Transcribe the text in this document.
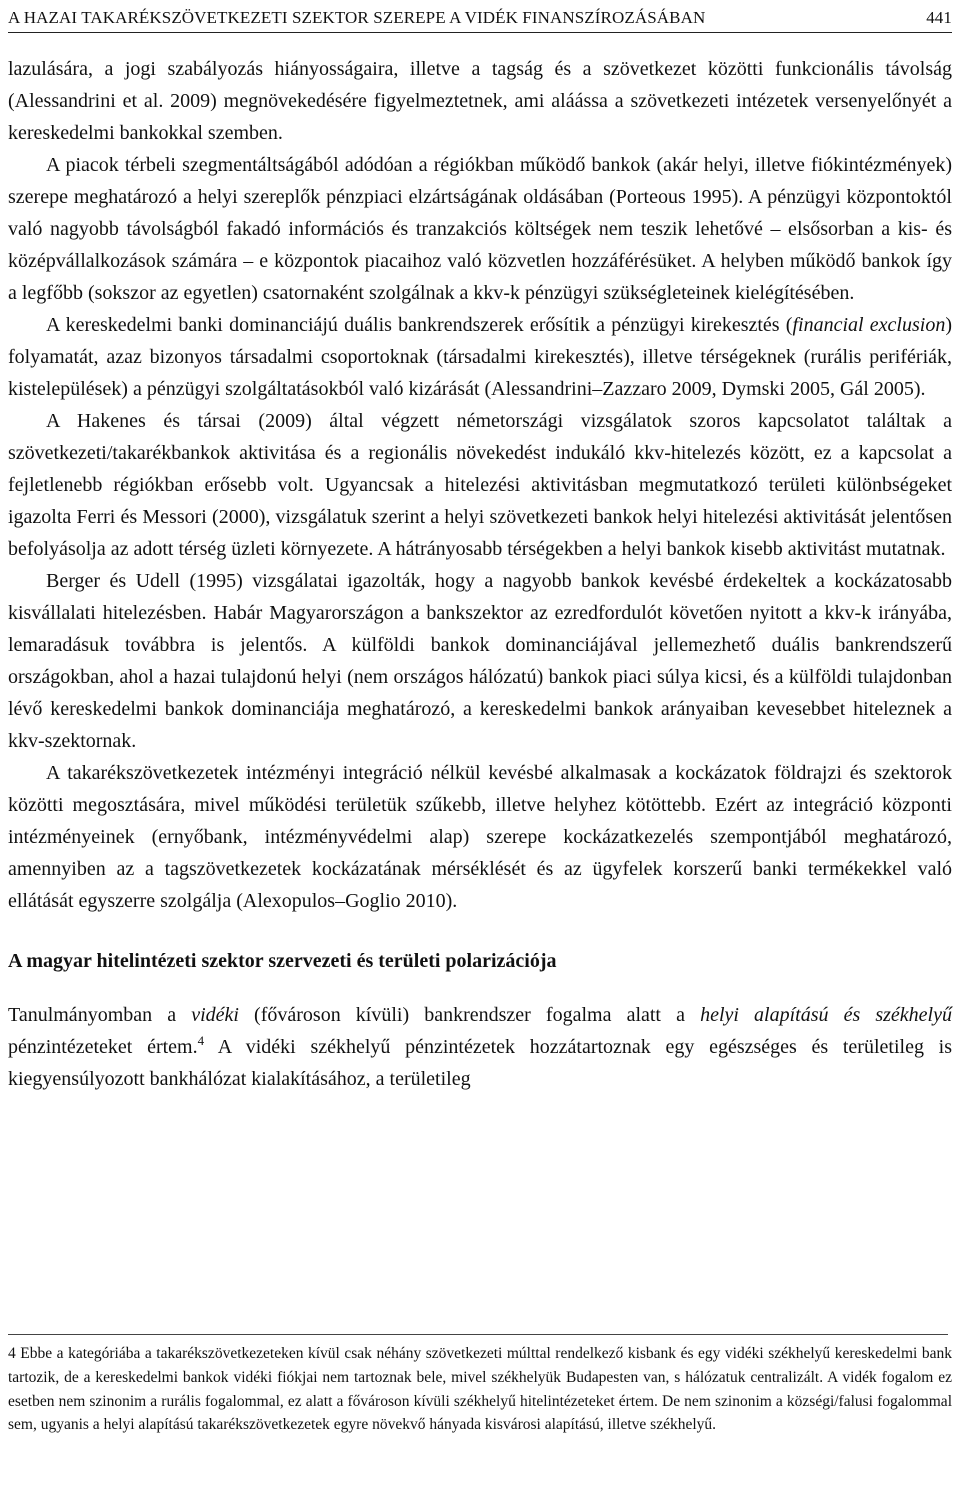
A HAZAI TAKARÉKSZÖVETKEZETI SZEKTOR SZEREPE A VIDÉK FINANSZÍROZÁSÁBAN	441

lazulására, a jogi szabályozás hiányosságaira, illetve a tagság és a szövetkezet közötti funkcionális távolság (Alessandrini et al. 2009) megnövekedésére figyelmeztetnek, ami aláássa a szövetkezeti intézetek versenyelőnyét a kereskedelmi bankokkal szemben.

A piacok térbeli szegmentáltságából adódóan a régiókban működő bankok (akár helyi, illetve fiókintézmények) szerepe meghatározó a helyi szereplők pénzpiaci elzártságának oldásában (Porteous 1995). A pénzügyi központoktól való nagyobb távolságból fakadó információs és tranzakciós költségek nem teszik lehetővé – elsősorban a kis- és középvállalkozások számára – e központok piacaihoz való közvetlen hozzáférésüket. A helyben működő bankok így a legfőbb (sokszor az egyetlen) csatornaként szolgálnak a kkv-k pénzügyi szükségleteinek kielégítésében.

A kereskedelmi banki dominanciájú duális bankrendszerek erősítik a pénzügyi kirekesztés (financial exclusion) folyamatát, azaz bizonyos társadalmi csoportoknak (társadalmi kirekesztés), illetve térségeknek (rurális perifériák, kistelepülések) a pénzügyi szolgáltatásokból való kizárását (Alessandrini–Zazzaro 2009, Dymski 2005, Gál 2005).

A Hakenes és társai (2009) által végzett németországi vizsgálatok szoros kapcsolatot találtak a szövetkezeti/takarékbankok aktivitása és a regionális növekedést indukáló kkv-hitelezés között, ez a kapcsolat a fejletlenebb régiókban erősebb volt. Ugyancsak a hitelezési aktivitásban megmutatkozó területi különbségeket igazolta Ferri és Messori (2000), vizsgálatuk szerint a helyi szövetkezeti bankok helyi hitelezési aktivitását jelentősen befolyásolja az adott térség üzleti környezete. A hátrányosabb térségekben a helyi bankok kisebb aktivitást mutatnak.

Berger és Udell (1995) vizsgálatai igazolták, hogy a nagyobb bankok kevésbé érdekeltek a kockázatosabb kisvállalati hitelezésben. Habár Magyarországon a bankszektor az ezredfordulót követően nyitott a kkv-k irányába, lemaradásuk továbbra is jelentős. A külföldi bankok dominanciájával jellemezhető duális bankrendszerű országokban, ahol a hazai tulajdonú helyi (nem országos hálózatú) bankok piaci súlya kicsi, és a külföldi tulajdonban lévő kereskedelmi bankok dominanciája meghatározó, a kereskedelmi bankok arányaiban kevesebbet hiteleznek a kkv-szektornak.

A takarékszövetkezetek intézményi integráció nélkül kevésbé alkalmasak a kockázatok földrajzi és szektorok közötti megosztására, mivel működési területük szűkebb, illetve helyhez kötöttebb. Ezért az integráció központi intézményeinek (ernyőbank, intézményvédelmi alap) szerepe kockázatkezelés szempontjából meghatározó, amennyiben az a tagszövetkezetek kockázatának mérséklését és az ügyfelek korszerű banki termékekkel való ellátását egyszerre szolgálja (Alexopulos–Goglio 2010).

A magyar hitelintézeti szektor szervezeti és területi polarizációja

Tanulmányomban a vidéki (fővároson kívüli) bankrendszer fogalma alatt a helyi alapítású és székhelyű pénzintézeteket értem.$^4$ A vidéki székhelyű pénzintézetek hozzátartoznak egy egészséges és területileg is kiegyensúlyozott bankhálózat kialakításához, a területileg

4 Ebbe a kategóriába a takarékszövetkezeteken kívül csak néhány szövetkezeti múlttal rendelkező kisbank és egy vidéki székhelyű kereskedelmi bank tartozik, de a kereskedelmi bankok vidéki fiókjai nem tartoznak bele, mivel székhelyük Budapesten van, s hálózatuk centralizált. A vidék fogalom ez esetben nem szinonim a rurális fogalommal, ez alatt a fővároson kívüli székhelyű hitelintézeteket értem. De nem szinonim a községi/falusi fogalommal sem, ugyanis a helyi alapítású takarékszövetkezetek egyre növekvő hányada kisvárosi alapítású, illetve székhelyű.
